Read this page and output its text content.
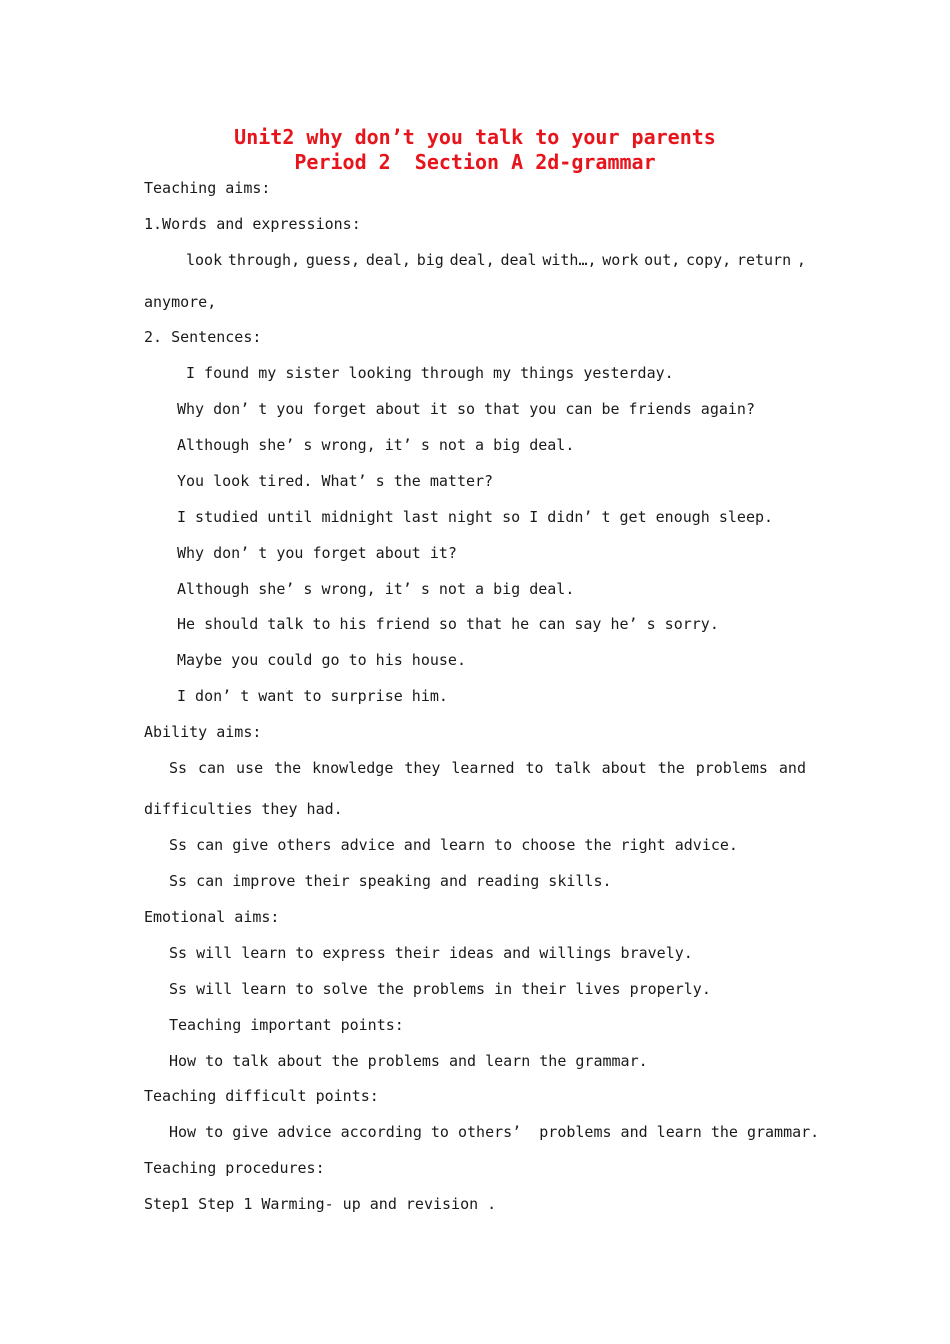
Unit2 why don’t you talk to your parents
Period 2  Section A 2d-grammar
Teaching aims:
1.Words and expressions:
look through, guess, deal, big deal, deal with…, work out, copy, return ,
anymore,
2. Sentences:
I found my sister looking through my things yesterday.
Why don’ t you forget about it so that you can be friends again?
Although she’ s wrong, it’ s not a big deal.
You look tired. What’ s the matter?
I studied until midnight last night so I didn’ t get enough sleep.
Why don’ t you forget about it?
Although she’ s wrong, it’ s not a big deal.
He should talk to his friend so that he can say he’ s sorry.
Maybe you could go to his house.
I don’ t want to surprise him.
Ability aims:
Ss can use the knowledge they learned to talk about the problems and
difficulties they had.
Ss can give others advice and learn to choose the right advice.
Ss can improve their speaking and reading skills.
Emotional aims:
Ss will learn to express their ideas and willings bravely.
Ss will learn to solve the problems in their lives properly.
Teaching important points:
How to talk about the problems and learn the grammar.
Teaching difficult points:
How to give advice according to others’  problems and learn the grammar.
Teaching procedures:
Step1 Step 1 Warming- up and revision .
